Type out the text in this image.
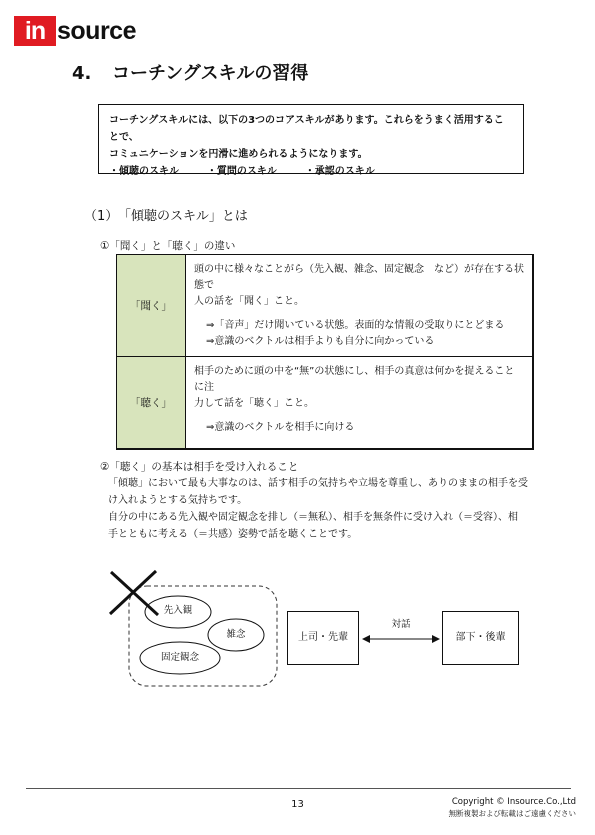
in source
4. コーチングスキルの習得
コーチングスキルには、以下の3つのコアスキルがあります。これらをうまく活用することで、
コミュニケーションを円滑に進められるようになります。
・傾聴のスキル	・質問のスキル	・承認のスキル
（1）「傾聴のスキル」とは
①「聞く」と「聴く」の違い
「聞く」	頭の中に様々なことがら（先入観、雑念、固定観念　など）が存在する状態で
人の話を「聞く」こと。
⇒「音声」だけ聞いている状態。表面的な情報の受取りにとどまる
⇒意識のベクトルは相手よりも自分に向かっている

「聴く」	相手のために頭の中を“無”の状態にし、相手の真意は何かを捉えることに注
力して話を「聴く」こと。
⇒意識のベクトルを相手に向ける
②「聴く」の基本は相手を受け入れること
「傾聴」において最も大事なのは、話す相手の気持ちや立場を尊重し、ありのままの相手を受
け入れようとする気持ちです。
自分の中にある先入観や固定観念を排し（＝無私）、相手を無条件に受け入れ（＝受容）、相
手とともに考える（＝共感）姿勢で話を聴くことです。
先入観
雑念
固定観念
上司・先輩	部下・後輩
対話
13	Copyright © Insource.Co.,Ltd
無断複製および転載はご遠慮ください
